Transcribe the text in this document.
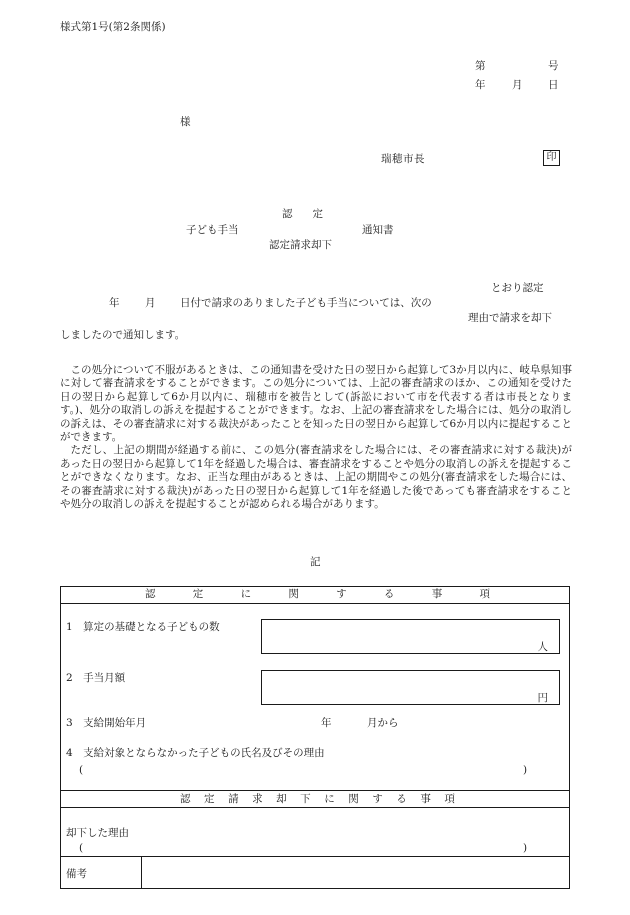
様式第1号(第2条関係)
第	号
年	月 日
様
瑞穂市長	印
認定
子ども手当	通知書
認定請求却下
とおり認定
年 月 日付で請求のありました子ども手当については、次の
理由で請求を却下
しましたので通知します。

この処分について不服があるときは、この通知書を受けた日の翌日から起算して3か月以内に、岐阜県知事に対して審査請求をすることができます。この処分については、上記の審査請求のほか、この通知を受けた日の翌日から起算して6か月以内に、瑞穂市を被告として(訴訟において市を代表する者は市長となります。)、処分の取消しの訴えを提起することができます。なお、上記の審査請求をした場合には、処分の取消しの訴えは、その審査請求に対する裁決があったことを知った日の翌日から起算して6か月以内に提起することができます。

ただし、上記の期間が経過する前に、この処分(審査請求をした場合には、その審査請求に対する裁決)があった日の翌日から起算して1年を経過した場合は、審査請求をすることや処分の取消しの訴えを提起することができなくなります。なお、正当な理由があるときは、上記の期間やこの処分(審査請求をした場合には、その審査請求に対する裁決)があった日の翌日から起算して1年を経過した後であっても審査請求をすることや処分の取消しの訴えを提起することが認められる場合があります。

記
認	定	に	関	す	る	事	項
1　算定の基礎となる子どもの数
人
2　手当月額
円
3　支給開始年月	年	月から
4　支給対象とならなかった子どもの氏名及びその理由
(	)
認 定 請 求 却 下 に 関 す る 事 項
却下した理由
(	)
備考
